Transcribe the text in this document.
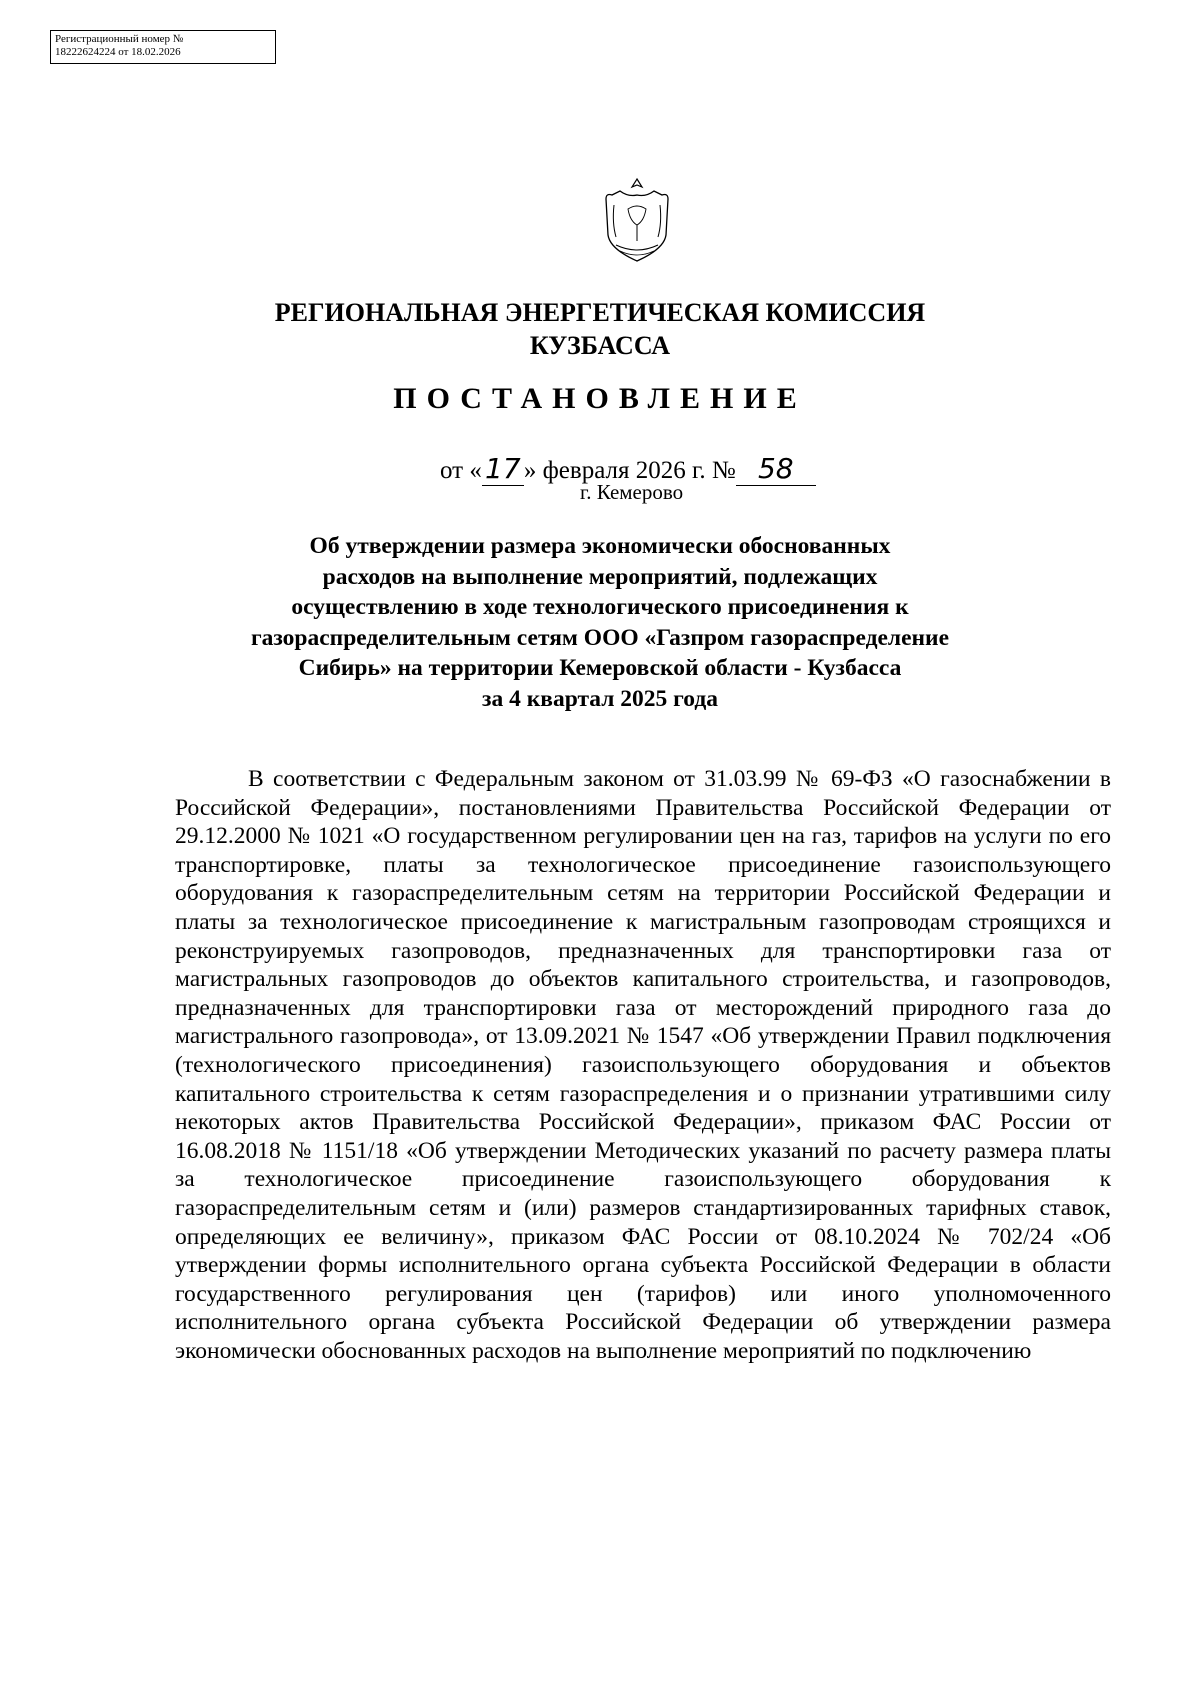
Регистрационный номер №
18222624224 от 18.02.2026
РЕГИОНАЛЬНАЯ ЭНЕРГЕТИЧЕСКАЯ КОМИССИЯ
КУЗБАССА
ПОСТАНОВЛЕНИЕ
от « 17 » февраля 2026 г. № 58
г. Кемерово
Об утверждении размера экономически обоснованных
расходов на выполнение мероприятий, подлежащих
осуществлению в ходе технологического присоединения к
газораспределительным сетям ООО «Газпром газораспределение
Сибирь» на территории Кемеровской области - Кузбасса
за 4 квартал 2025 года

В соответствии с Федеральным законом от 31.03.99 № 69-ФЗ «О газоснабжении в Российской Федерации», постановлениями Правительства Российской Федерации от 29.12.2000 № 1021 «О государственном регулировании цен на газ, тарифов на услуги по его транспортировке, платы за технологическое присоединение газоиспользующего оборудования к газораспределительным сетям на территории Российской Федерации и платы за технологическое присоединение к магистральным газопроводам строящихся и реконструируемых газопроводов, предназначенных для транспортировки газа от магистральных газопроводов до объектов капитального строительства, и газопроводов, предназначенных для транспортировки газа от месторождений природного газа до магистрального газопровода», от 13.09.2021 № 1547 «Об утверждении Правил подключения (технологического присоединения) газоиспользующего оборудования и объектов капитального строительства к сетям газораспределения и о признании утратившими силу некоторых актов Правительства Российской Федерации», приказом ФАС России от 16.08.2018 № 1151/18 «Об утверждении Методических указаний по расчету размера платы за технологическое присоединение газоиспользующего оборудования к газораспределительным сетям и (или) размеров стандартизированных тарифных ставок, определяющих ее величину», приказом ФАС России от 08.10.2024 № 702/24 «Об утверждении формы исполнительного органа субъекта Российской Федерации в области государственного регулирования цен (тарифов) или иного уполномоченного исполнительного органа субъекта Российской Федерации об утверждении размера экономически обоснованных расходов на выполнение мероприятий по подключению
